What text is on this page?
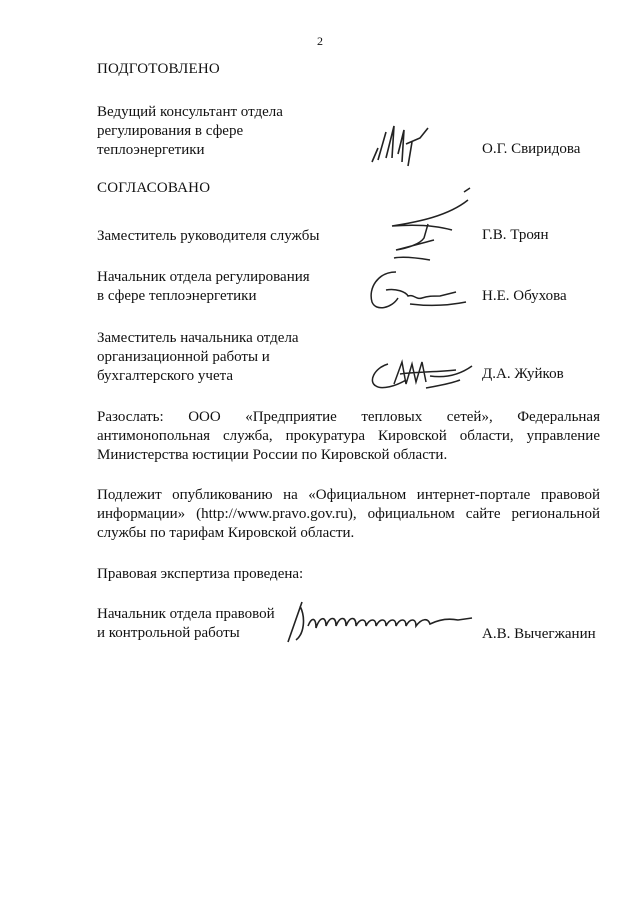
2
ПОДГОТОВЛЕНО
Ведущий консультант отдела
регулирования в сфере
теплоэнергетики	О.Г. Свиридова
СОГЛАСОВАНО
Заместитель руководителя службы	Г.В. Троян
Начальник отдела регулирования
в сфере теплоэнергетики	Н.Е. Обухова
Заместитель начальника отдела
организационной работы и
бухгалтерского учета	Д.А. Жуйков
Разослать: ООО «Предприятие тепловых сетей», Федеральная антимонопольная служба, прокуратура Кировской области, управление Министерства юстиции России по Кировской области.
Подлежит опубликованию на «Официальном интернет-портале правовой информации» (http://www.pravo.gov.ru), официальном сайте региональной службы по тарифам Кировской области.
Правовая экспертиза проведена:
Начальник отдела правовой
и контрольной работы	А.В. Вычегжанин
